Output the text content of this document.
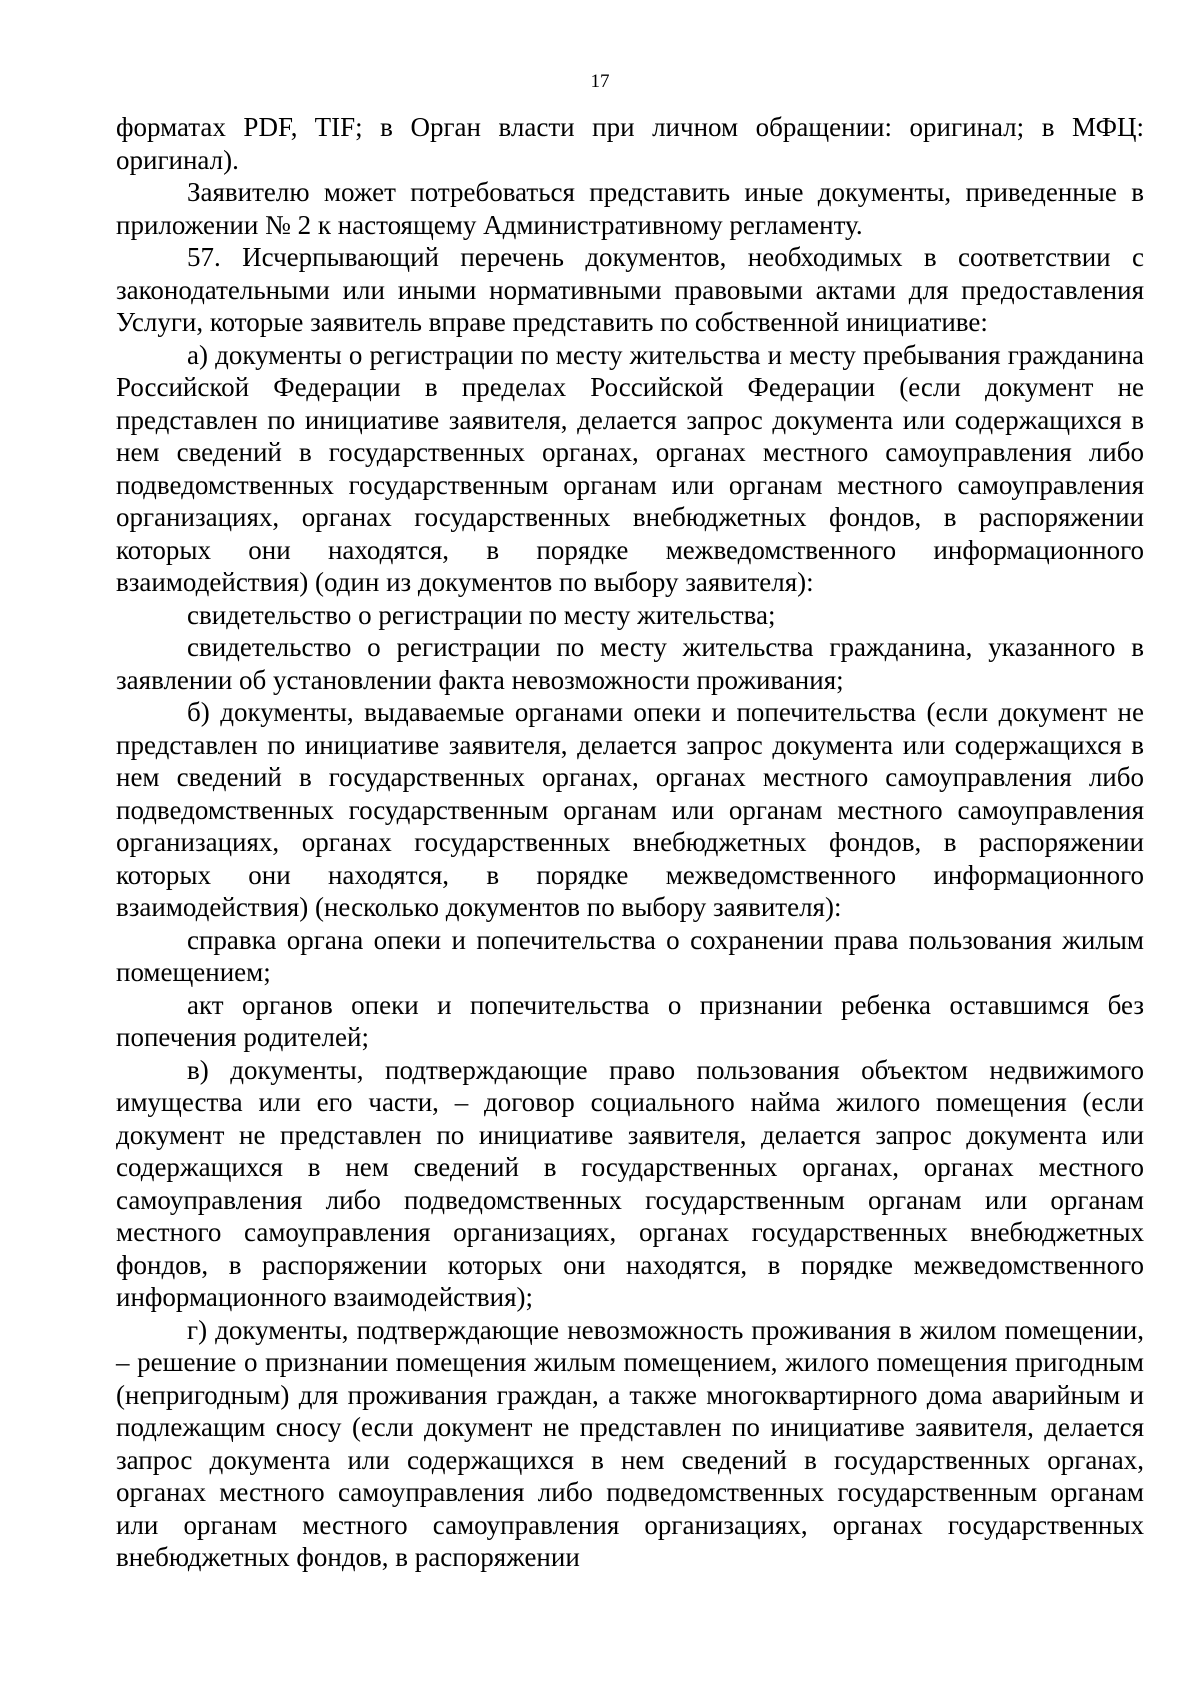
17

форматах PDF, TIF; в Орган власти при личном обращении: оригинал; в МФЦ: оригинал).

Заявителю может потребоваться представить иные документы, приведенные в приложении № 2 к настоящему Административному регламенту.

57. Исчерпывающий перечень документов, необходимых в соответствии с законодательными или иными нормативными правовыми актами для предоставления Услуги, которые заявитель вправе представить по собственной инициативе:

а) документы о регистрации по месту жительства и месту пребывания гражданина Российской Федерации в пределах Российской Федерации (если документ не представлен по инициативе заявителя, делается запрос документа или содержащихся в нем сведений в государственных органах, органах местного самоуправления либо подведомственных государственным органам или органам местного самоуправления организациях, органах государственных внебюджетных фондов, в распоряжении которых они находятся, в порядке межведомственного информационного взаимодействия) (один из документов по выбору заявителя):

свидетельство о регистрации по месту жительства;

свидетельство о регистрации по месту жительства гражданина, указанного в заявлении об установлении факта невозможности проживания;

б) документы, выдаваемые органами опеки и попечительства (если документ не представлен по инициативе заявителя, делается запрос документа или содержащихся в нем сведений в государственных органах, органах местного самоуправления либо подведомственных государственным органам или органам местного самоуправления организациях, органах государственных внебюджетных фондов, в распоряжении которых они находятся, в порядке межведомственного информационного взаимодействия) (несколько документов по выбору заявителя):

справка органа опеки и попечительства о сохранении права пользования жилым помещением;

акт органов опеки и попечительства о признании ребенка оставшимся без попечения родителей;

в) документы, подтверждающие право пользования объектом недвижимого имущества или его части, – договор социального найма жилого помещения (если документ не представлен по инициативе заявителя, делается запрос документа или содержащихся в нем сведений в государственных органах, органах местного самоуправления либо подведомственных государственным органам или органам местного самоуправления организациях, органах государственных внебюджетных фондов, в распоряжении которых они находятся, в порядке межведомственного информационного взаимодействия);

г) документы, подтверждающие невозможность проживания в жилом помещении, – решение о признании помещения жилым помещением, жилого помещения пригодным (непригодным) для проживания граждан, а также многоквартирного дома аварийным и подлежащим сносу (если документ не представлен по инициативе заявителя, делается запрос документа или содержащихся в нем сведений в государственных органах, органах местного самоуправления либо подведомственных государственным органам или органам местного самоуправления организациях, органах государственных внебюджетных фондов, в распоряжении
